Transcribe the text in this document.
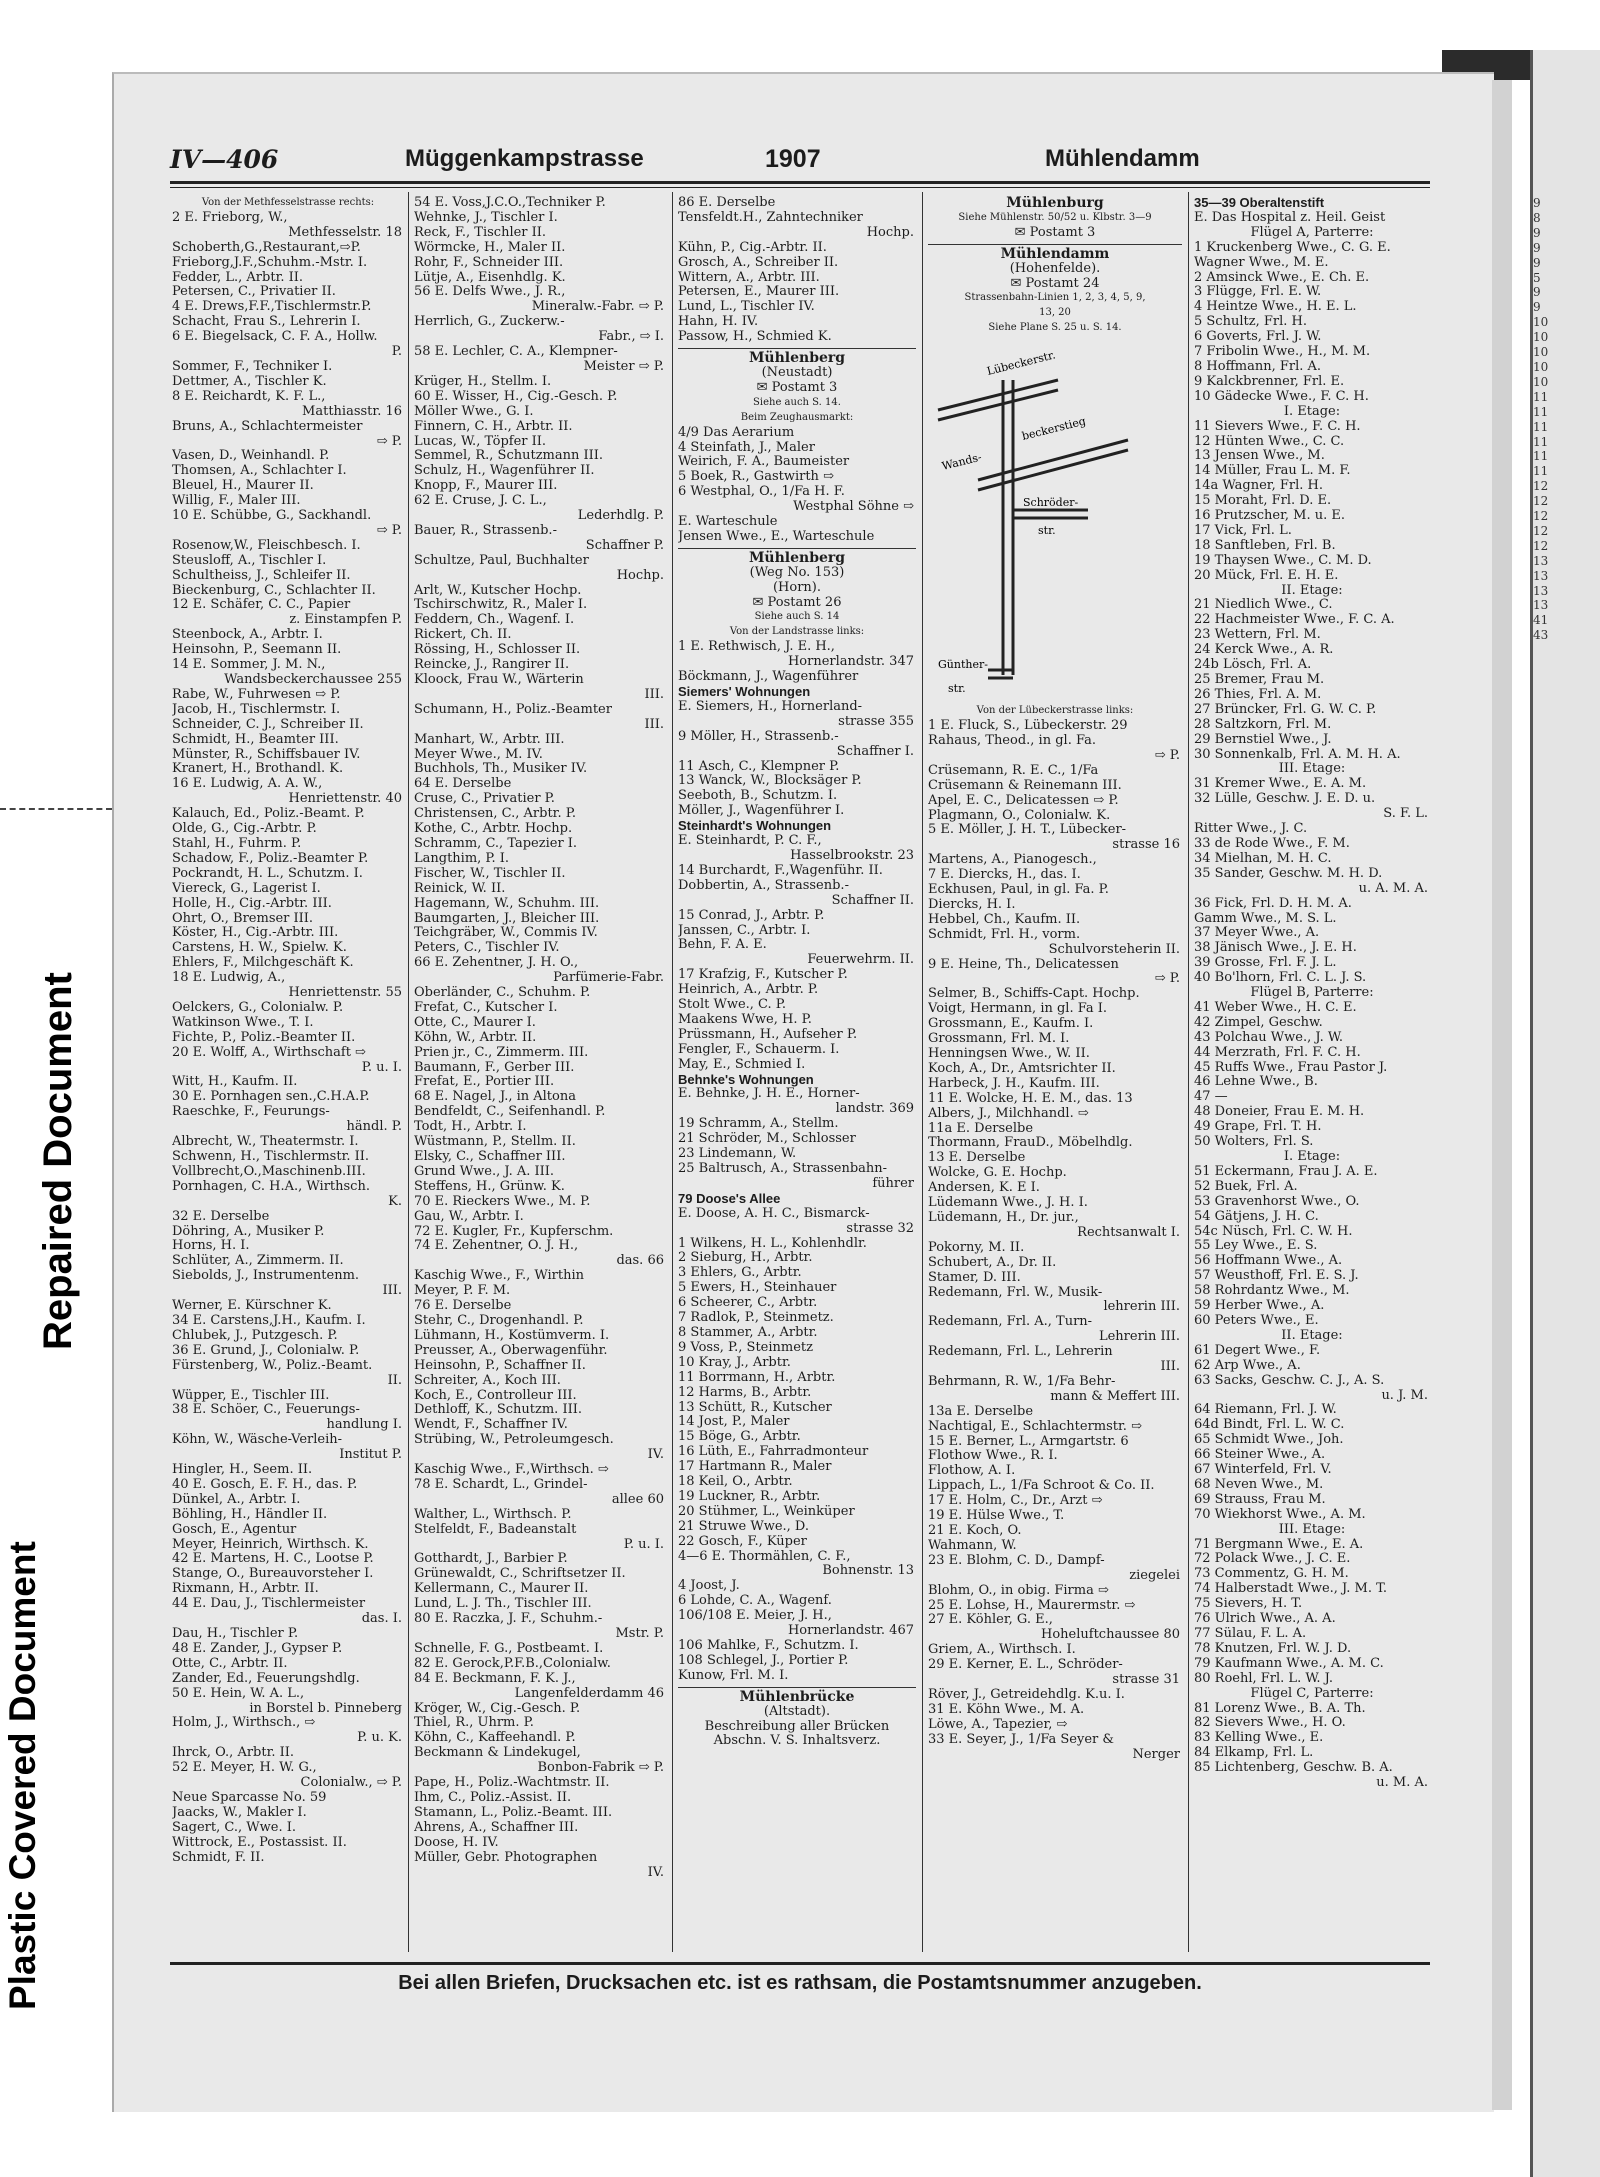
Repaired Document
Plastic Covered Document
IV—406	Müggenkampstrasse	1907	Mühlendamm
Von der Methfesselstrasse rechts:
2 E. Frieborg, W.,
Methfesselstr. 18
Schoberth,G.,Restaurant,⇨P.
Frieborg,J.F.,Schuhm.-Mstr. I.
Fedder, L., Arbtr. II.
Petersen, C., Privatier II.
4 E. Drews,F.F.,Tischlermstr.P.
Schacht, Frau S., Lehrerin I.
6 E. Biegelsack, C. F. A., Hollw.
P.
Sommer, F., Techniker I.
Dettmer, A., Tischler K.
8 E. Reichardt, K. F. L.,
Matthiasstr. 16
Bruns, A., Schlachtermeister
⇨ P.
Vasen, D., Weinhandl. P.
Thomsen, A., Schlachter I.
Bleuel, H., Maurer II.
Willig, F., Maler III.
10 E. Schübbe, G., Sackhandl.
⇨ P.
Rosenow,W., Fleischbesch. I.
Steusloff, A., Tischler I.
Schultheiss, J., Schleifer II.
Bieckenburg, C., Schlachter II.
12 E. Schäfer, C. C., Papier
z. Einstampfen P.
Steenbock, A., Arbtr. I.
Heinsohn, P., Seemann II.
14 E. Sommer, J. M. N.,
Wandsbeckerchaussee 255
Rabe, W., Fuhrwesen ⇨ P.
Jacob, H., Tischlermstr. I.
Schneider, C. J., Schreiber II.
Schmidt, H., Beamter III.
Münster, R., Schiffsbauer IV.
Kranert, H., Brothandl. K.
16 E. Ludwig, A. A. W.,
Henriettenstr. 40
Kalauch, Ed., Poliz.-Beamt. P.
Olde, G., Cig.-Arbtr. P.
Stahl, H., Fuhrm. P.
Schadow, F., Poliz.-Beamter P.
Pockrandt, H. L., Schutzm. I.
Viereck, G., Lagerist I.
Holle, H., Cig.-Arbtr. III.
Ohrt, O., Bremser III.
Köster, H., Cig.-Arbtr. III.
Carstens, H. W., Spielw. K.
Ehlers, F., Milchgeschäft K.
18 E. Ludwig, A.,
Henriettenstr. 55
Oelckers, G., Colonialw. P.
Watkinson Wwe., T. I.
Fichte, P., Poliz.-Beamter II.
20 E. Wolff, A., Wirthschaft ⇨
P. u. I.
Witt, H., Kaufm. II.
30 E. Pornhagen sen.,C.H.A.P.
Raeschke, F., Feurungs-
händl. P.
Albrecht, W., Theatermstr. I.
Schwenn, H., Tischlermstr. II.
Vollbrecht,O.,Maschinenb.III.
Pornhagen, C. H.A., Wirthsch.
K.
32 E. Derselbe
Döhring, A., Musiker P.
Horns, H. I.
Schlüter, A., Zimmerm. II.
Siebolds, J., Instrumentenm.
III.
Werner, E. Kürschner K.
34 E. Carstens,J.H., Kaufm. I.
Chlubek, J., Putzgesch. P.
36 E. Grund, J., Colonialw. P.
Fürstenberg, W., Poliz.-Beamt.
II.
Wüpper, E., Tischler III.
38 E. Schöer, C., Feuerungs-
handlung I.
Köhn, W., Wäsche-Verleih-
Institut P.
Hingler, H., Seem. II.
40 E. Gosch, E. F. H., das. P.
Dünkel, A., Arbtr. I.
Böhling, H., Händler II.
Gosch, E., Agentur
Meyer, Heinrich, Wirthsch. K.
42 E. Martens, H. C., Lootse P.
Stange, O., Bureauvorsteher I.
Rixmann, H., Arbtr. II.
44 E. Dau, J., Tischlermeister
das. I.
Dau, H., Tischler P.
48 E. Zander, J., Gypser P.
Otte, C., Arbtr. II.
Zander, Ed., Feuerungshdlg.
50 E. Hein, W. A. L.,
in Borstel b. Pinneberg
Holm, J., Wirthsch., ⇨
P. u. K.
Ihrck, O., Arbtr. II.
52 E. Meyer, H. W. G.,
Colonialw., ⇨ P.
Neue Sparcasse No. 59
Jaacks, W., Makler I.
Sagert, C., Wwe. I.
Wittrock, E., Postassist. II.
Schmidt, F. II.
54 E. Voss,J.C.O.,Techniker P.
Wehnke, J., Tischler I.
Reck, F., Tischler II.
Wörmcke, H., Maler II.
Rohr, F., Schneider III.
Lütje, A., Eisenhdlg. K.
56 E. Delfs Wwe., J. R.,
Mineralw.-Fabr. ⇨ P.
Herrlich, G., Zuckerw.-
Fabr., ⇨ I.
58 E. Lechler, C. A., Klempner-
Meister ⇨ P.
Krüger, H., Stellm. I.
60 E. Wisser, H., Cig.-Gesch. P.
Möller Wwe., G. I.
Finnern, C. H., Arbtr. II.
Lucas, W., Töpfer II.
Semmel, R., Schutzmann III.
Schulz, H., Wagenführer II.
Knopp, F., Maurer III.
62 E. Cruse, J. C. L.,
Lederhdlg. P.
Bauer, R., Strassenb.-
Schaffner P.
Schultze, Paul, Buchhalter
Hochp.
Arlt, W., Kutscher Hochp.
Tschirschwitz, R., Maler I.
Feddern, Ch., Wagenf. I.
Rickert, Ch. II.
Rössing, H., Schlosser II.
Reincke, J., Rangirer II.
Kloock, Frau W., Wärterin
III.
Schumann, H., Poliz.-Beamter
III.
Manhart, W., Arbtr. III.
Meyer Wwe., M. IV.
Buchhols, Th., Musiker IV.
64 E. Derselbe
Cruse, C., Privatier P.
Christensen, C., Arbtr. P.
Kothe, C., Arbtr. Hochp.
Schramm, C., Tapezier I.
Langthim, P. I.
Fischer, W., Tischler II.
Reinick, W. II.
Hagemann, W., Schuhm. III.
Baumgarten, J., Bleicher III.
Teichgräber, W., Commis IV.
Peters, C., Tischler IV.
66 E. Zehentner, J. H. O.,
Parfümerie-Fabr.
Oberländer, C., Schuhm. P.
Frefat, C., Kutscher I.
Otte, C., Maurer I.
Köhn, W., Arbtr. II.
Prien jr., C., Zimmerm. III.
Baumann, F., Gerber III.
Frefat, E., Portier III.
68 E. Nagel, J., in Altona
Bendfeldt, C., Seifenhandl. P.
Todt, H., Arbtr. I.
Wüstmann, P., Stellm. II.
Elsky, C., Schaffner III.
Grund Wwe., J. A. III.
Steffens, H., Grünw. K.
70 E. Rieckers Wwe., M. P.
Gau, W., Arbtr. I.
72 E. Kugler, Fr., Kupferschm.
74 E. Zehentner, O. J. H.,
das. 66
Kaschig Wwe., F., Wirthin
Meyer, P. F. M.
76 E. Derselbe
Stehr, C., Drogenhandl. P.
Lühmann, H., Kostümverm. I.
Preusser, A., Oberwagenführ.
Heinsohn, P., Schaffner II.
Schreiter, A., Koch III.
Koch, E., Controlleur III.
Dethloff, K., Schutzm. III.
Wendt, F., Schaffner IV.
Strübing, W., Petroleumgesch.
IV.
Kaschig Wwe., F.,Wirthsch. ⇨
78 E. Schardt, L., Grindel-
allee 60
Walther, L., Wirthsch. P.
Stelfeldt, F., Badeanstalt
P. u. I.
Gotthardt, J., Barbier P.
Grünewaldt, C., Schriftsetzer II.
Kellermann, C., Maurer II.
Lund, L. J. Th., Tischler III.
80 E. Raczka, J. F., Schuhm.-
Mstr. P.
Schnelle, F. G., Postbeamt. I.
82 E. Gerock,P.F.B.,Colonialw.
84 E. Beckmann, F. K. J.,
Langenfelderdamm 46
Kröger, W., Cig.-Gesch. P.
Thiel, R., Uhrm. P.
Köhn, C., Kaffeehandl. P.
Beckmann & Lindekugel,
Bonbon-Fabrik ⇨ P.
Pape, H., Poliz.-Wachtmstr. II.
Ihm, C., Poliz.-Assist. II.
Stamann, L., Poliz.-Beamt. III.
Ahrens, A., Schaffner III.
Doose, H. IV.
Müller, Gebr. Photographen
IV.
86 E. Derselbe
Tensfeldt.H., Zahntechniker
Hochp.
Kühn, P., Cig.-Arbtr. II.
Grosch, A., Schreiber II.
Wittern, A., Arbtr. III.
Petersen, E., Maurer III.
Lund, L., Tischler IV.
Hahn, H. IV.
Passow, H., Schmied K.
Mühlenberg
(Neustadt)
✉ Postamt 3
Siehe auch S. 14.
Beim Zeughausmarkt:
4/9 Das Aerarium
4 Steinfath, J., Maler
Weirich, F. A., Baumeister
5 Boek, R., Gastwirth ⇨
6 Westphal, O., 1/Fa H. F.
Westphal Söhne ⇨
E. Warteschule
Jensen Wwe., E., Warteschule
Mühlenberg
(Weg No. 153)
(Horn).
✉ Postamt 26
Siehe auch S. 14
Von der Landstrasse links:
1 E. Rethwisch, J. E. H.,
Hornerlandstr. 347
Böckmann, J., Wagenführer
Siemers' Wohnungen
E. Siemers, H., Hornerland-
strasse 355
9 Möller, H., Strassenb.-
Schaffner I.
11 Asch, C., Klempner P.
13 Wanck, W., Blocksäger P.
Seeboth, B., Schutzm. I.
Möller, J., Wagenführer I.
Steinhardt's Wohnungen
E. Steinhardt, P. C. F.,
Hasselbrookstr. 23
14 Burchardt, F.,Wagenführ. II.
Dobbertin, A., Strassenb.-
Schaffner II.
15 Conrad, J., Arbtr. P.
Janssen, C., Arbtr. I.
Behn, F. A. E.
Feuerwehrm. II.
17 Krafzig, F., Kutscher P.
Heinrich, A., Arbtr. P.
Stolt Wwe., C. P.
Maakens Wwe, H. P.
Prüssmann, H., Aufseher P.
Fengler, F., Schauerm. I.
May, E., Schmied I.
Behnke's Wohnungen
E. Behnke, J. H. E., Horner-
landstr. 369
19 Schramm, A., Stellm.
21 Schröder, M., Schlosser
23 Lindemann, W.
25 Baltrusch, A., Strassenbahn-
führer
79 Doose's Allee
E. Doose, A. H. C., Bismarck-
strasse 32
1 Wilkens, H. L., Kohlenhdlr.
2 Sieburg, H., Arbtr.
3 Ehlers, G., Arbtr.
5 Ewers, H., Steinhauer
6 Scheerer, C., Arbtr.
7 Radlok, P., Steinmetz.
8 Stammer, A., Arbtr.
9 Voss, P., Steinmetz
10 Kray, J., Arbtr.
11 Borrmann, H., Arbtr.
12 Harms, B., Arbtr.
13 Schütt, R., Kutscher
14 Jost, P., Maler
15 Böge, G., Arbtr.
16 Lüth, E., Fahrradmonteur
17 Hartmann R., Maler
18 Keil, O., Arbtr.
19 Luckner, R., Arbtr.
20 Stühmer, L., Weinküper
21 Struwe Wwe., D.
22 Gosch, F., Küper
4—6 E. Thormählen, C. F.,
Bohnenstr. 13
4 Joost, J.
6 Lohde, C. A., Wagenf.
106/108 E. Meier, J. H.,
Hornerlandstr. 467
106 Mahlke, F., Schutzm. I.
108 Schlegel, J., Portier P.
Kunow, Frl. M. I.
Mühlenbrücke
(Altstadt).
Beschreibung aller Brücken
Abschn. V. S. Inhaltsverz.
Mühlenburg
Siehe Mühlenstr. 50/52 u. Klbstr. 3—9
✉ Postamt 3
Mühlendamm
(Hohenfelde).
✉ Postamt 24
Strassenbahn-Linien 1, 2, 3, 4, 5, 9,
13, 20
Siehe Plane S. 25 u. S. 14.
Lübeckerstr.
Wands-
beckerstieg
Schröder-
str.
Günther-
str.
Von der Lübeckerstrasse links:
1 E. Fluck, S., Lübeckerstr. 29
Rahaus, Theod., in gl. Fa.
⇨ P.
Crüsemann, R. E. C., 1/Fa
Crüsemann & Reinemann III.
Apel, E. C., Delicatessen ⇨ P.
Plagmann, O., Colonialw. K.
5 E. Möller, J. H. T., Lübecker-
strasse 16
Martens, A., Pianogesch.,
7 E. Diercks, H., das. I.
Eckhusen, Paul, in gl. Fa. P.
Diercks, H. I.
Hebbel, Ch., Kaufm. II.
Schmidt, Frl. H., vorm.
Schulvorsteherin II.
9 E. Heine, Th., Delicatessen
⇨ P.
Selmer, B., Schiffs-Capt. Hochp.
Voigt, Hermann, in gl. Fa I.
Grossmann, E., Kaufm. I.
Grossmann, Frl. M. I.
Henningsen Wwe., W. II.
Koch, A., Dr., Amtsrichter II.
Harbeck, J. H., Kaufm. III.
11 E. Wolcke, H. E. M., das. 13
Albers, J., Milchhandl. ⇨
11a E. Derselbe
Thormann, FrauD., Möbelhdlg.
13 E. Derselbe
Wolcke, G. E. Hochp.
Andersen, K. E I.
Lüdemann Wwe., J. H. I.
Lüdemann, H., Dr. jur.,
Rechtsanwalt I.
Pokorny, M. II.
Schubert, A., Dr. II.
Stamer, D. III.
Redemann, Frl. W., Musik-
lehrerin III.
Redemann, Frl. A., Turn-
Lehrerin III.
Redemann, Frl. L., Lehrerin
III.
Behrmann, R. W., 1/Fa Behr-
mann & Meffert III.
13a E. Derselbe
Nachtigal, E., Schlachtermstr. ⇨
15 E. Berner, L., Armgartstr. 6
Flothow Wwe., R. I.
Flothow, A. I.
Lippach, L., 1/Fa Schroot & Co. II.
17 E. Holm, C., Dr., Arzt ⇨
19 E. Hülse Wwe., T.
21 E. Koch, O.
Wahmann, W.
23 E. Blohm, C. D., Dampf-
ziegelei
Blohm, O., in obig. Firma ⇨
25 E. Lohse, H., Maurermstr. ⇨
27 E. Köhler, G. E.,
Hoheluftchaussee 80
Griem, A., Wirthsch. I.
29 E. Kerner, E. L., Schröder-
strasse 31
Röver, J., Getreidehdlg. K.u. I.
31 E. Köhn Wwe., M. A.
Löwe, A., Tapezier, ⇨
33 E. Seyer, J., 1/Fa Seyer &
Nerger
35—39 Oberaltenstift
E. Das Hospital z. Heil. Geist
Flügel A, Parterre:
1 Kruckenberg Wwe., C. G. E.
Wagner Wwe., M. E.
2 Amsinck Wwe., E. Ch. E.
3 Flügge, Frl. E. W.
4 Heintze Wwe., H. E. L.
5 Schultz, Frl. H.
6 Goverts, Frl. J. W.
7 Fribolin Wwe., H., M. M.
8 Hoffmann, Frl. A.
9 Kalckbrenner, Frl. E.
10 Gädecke Wwe., F. C. H.
I. Etage:
11 Sievers Wwe., F. C. H.
12 Hünten Wwe., C. C.
13 Jensen Wwe., M.
14 Müller, Frau L. M. F.
14a Wagner, Frl. H.
15 Moraht, Frl. D. E.
16 Prutzscher, M. u. E.
17 Vick, Frl. L.
18 Sanftleben, Frl. B.
19 Thaysen Wwe., C. M. D.
20 Mück, Frl. E. H. E.
II. Etage:
21 Niedlich Wwe., C.
22 Hachmeister Wwe., F. C. A.
23 Wettern, Frl. M.
24 Kerck Wwe., A. R.
24b Lösch, Frl. A.
25 Bremer, Frau M.
26 Thies, Frl. A. M.
27 Brüncker, Frl. G. W. C. P.
28 Saltzkorn, Frl. M.
29 Bernstiel Wwe., J.
30 Sonnenkalb, Frl. A. M. H. A.
III. Etage:
31 Kremer Wwe., E. A. M.
32 Lülle, Geschw. J. E. D. u.
S. F. L.
Ritter Wwe., J. C.
33 de Rode Wwe., F. M.
34 Mielhan, M. H. C.
35 Sander, Geschw. M. H. D.
u. A. M. A.
36 Fick, Frl. D. H. M. A.
Gamm Wwe., M. S. L.
37 Meyer Wwe., A.
38 Jänisch Wwe., J. E. H.
39 Grosse, Frl. F. J. L.
40 Bo'lhorn, Frl. C. L. J. S.
Flügel B, Parterre:
41 Weber Wwe., H. C. E.
42 Zimpel, Geschw.
43 Polchau Wwe., J. W.
44 Merzrath, Frl. F. C. H.
45 Ruffs Wwe., Frau Pastor J.
46 Lehne Wwe., B.
47 —
48 Doneier, Frau E. M. H.
49 Grape, Frl. T. H.
50 Wolters, Frl. S.
I. Etage:
51 Eckermann, Frau J. A. E.
52 Buek, Frl. A.
53 Gravenhorst Wwe., O.
54 Gätjens, J. H. C.
54c Nüsch, Frl. C. W. H.
55 Ley Wwe., E. S.
56 Hoffmann Wwe., A.
57 Weusthoff, Frl. E. S. J.
58 Rohrdantz Wwe., M.
59 Herber Wwe., A.
60 Peters Wwe., E.
II. Etage:
61 Degert Wwe., F.
62 Arp Wwe., A.
63 Sacks, Geschw. C. J., A. S.
u. J. M.
64 Riemann, Frl. J. W.
64d Bindt, Frl. L. W. C.
65 Schmidt Wwe., Joh.
66 Steiner Wwe., A.
67 Winterfeld, Frl. V.
68 Neven Wwe., M.
69 Strauss, Frau M.
70 Wiekhorst Wwe., A. M.
III. Etage:
71 Bergmann Wwe., E. A.
72 Polack Wwe., J. C. E.
73 Commentz, G. H. M.
74 Halberstadt Wwe., J. M. T.
75 Sievers, H. T.
76 Ulrich Wwe., A. A.
77 Sülau, F. L. A.
78 Knutzen, Frl. W. J. D.
79 Kaufmann Wwe., A. M. C.
80 Roehl, Frl. L. W. J.
Flügel C, Parterre:
81 Lorenz Wwe., B. A. Th.
82 Sievers Wwe., H. O.
83 Kelling Wwe., E.
84 Elkamp, Frl. L.
85 Lichtenberg, Geschw. B. A.
u. M. A.
9
8
9
9
9
5
9
9
10
10
10
10
10
11
11
11
11
11
11
12
12
12
12
12
13
13
13
13
41
43
Bei allen Briefen, Drucksachen etc. ist es rathsam, die Postamtsnummer anzugeben.
